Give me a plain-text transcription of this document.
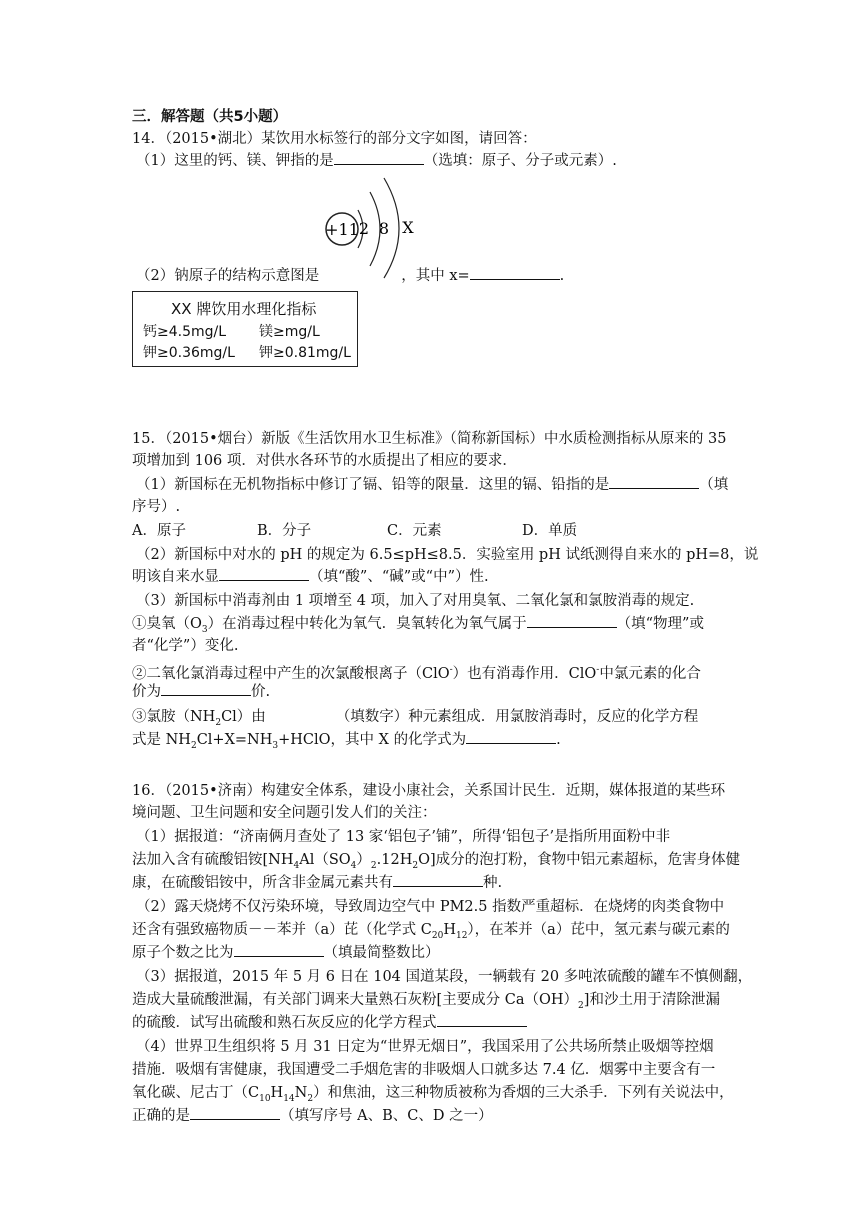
三．解答题（共5小题）
14．（2015•湖北）某饮用水标签行的部分文字如图，请回答：
（1）这里的钙、镁、钾指的是	（选填：原子、分子或元素）.
+11 2 8 X
（2）钠原子的结构示意图是	，其中 x=	.
XX 牌饮用水理化指标
钙≥4.5mg/L 镁≥mg/L
钾≥0.36mg/L 钾≥0.81mg/L
15．（2015•烟台）新版《生活饮用水卫生标准》（简称新国标）中水质检测指标从原来的 35
项增加到 106 项．对供水各环节的水质提出了相应的要求．
（1）新国标在无机物指标中修订了镉、铅等的限量．这里的镉、铅指的是	（填
序号）.
A．原子	B．分子	C．元素	D．单质
（2）新国标中对水的 pH 的规定为 6.5≤pH≤8.5．实验室用 pH 试纸测得自来水的 pH=8，说
明该自来水显	（填“酸”、“碱”或“中”）性.
（3）新国标中消毒剂由 1 项增至 4 项，加入了对用臭氧、二氧化氯和氯胺消毒的规定.
①臭氧$(O_3)$在消毒过程中转化为氧气．臭氧转化为氧气属于	（填“物理”或
者“化学”）变化.
②二氧化氯消毒过程中产生的次氯酸根离子（ClO-）也有消毒作用．ClO-中氯元素的化合
价为	价.
③氯胺$(NH_2Cl)$由	（填数字）种元素组成．用氯胺消毒时，反应的化学方程
式是 $NH_2Cl+X=NH_3+HClO$，其中 X 的化学式为	.
16．（2015•济南）构建安全体系，建设小康社会，关系国计民生．近期，媒体报道的某些环
境问题、卫生问题和安全问题引发人们的关注：
（1）据报道：“济南俩月查处了 13 家‘铝包子’铺”，所得‘铝包子’是指所用面粉中非
法加入含有硫酸铝铵$[NH_4Al(SO_4)_2.12H_2O]$成分的泡打粉，食物中铝元素超标，危害身体健
康，在硫酸铝铵中，所含非金属元素共有	种.
（2）露天烧烤不仅污染环境，导致周边空气中 PM2.5 指数严重超标．在烧烤的肉类食物中
还含有强致癌物质－－苯并（a）芘（化学式 $C_{20}H_{12}$），在苯并（a）芘中，氢元素与碳元素的
原子个数之比为	（填最简整数比）
（3）据报道，2015 年 5 月 6 日在 104 国道某段，一辆载有 20 多吨浓硫酸的罐车不慎侧翻，
造成大量硫酸泄漏，有关部门调来大量熟石灰粉[主要成分 $Ca(OH)_2$]和沙土用于清除泄漏
的硫酸．试写出硫酸和熟石灰反应的化学方程式
（4）世界卫生组织将 5 月 31 日定为“世界无烟日”，我国采用了公共场所禁止吸烟等控烟
措施．吸烟有害健康，我国遭受二手烟危害的非吸烟人口就多达 7.4 亿．烟雾中主要含有一
氧化碳、尼古丁$(C_{10}H_{14}N_2)$和焦油，这三种物质被称为香烟的三大杀手．下列有关说法中，
正确的是	（填写序号 A、B、C、D 之一）
